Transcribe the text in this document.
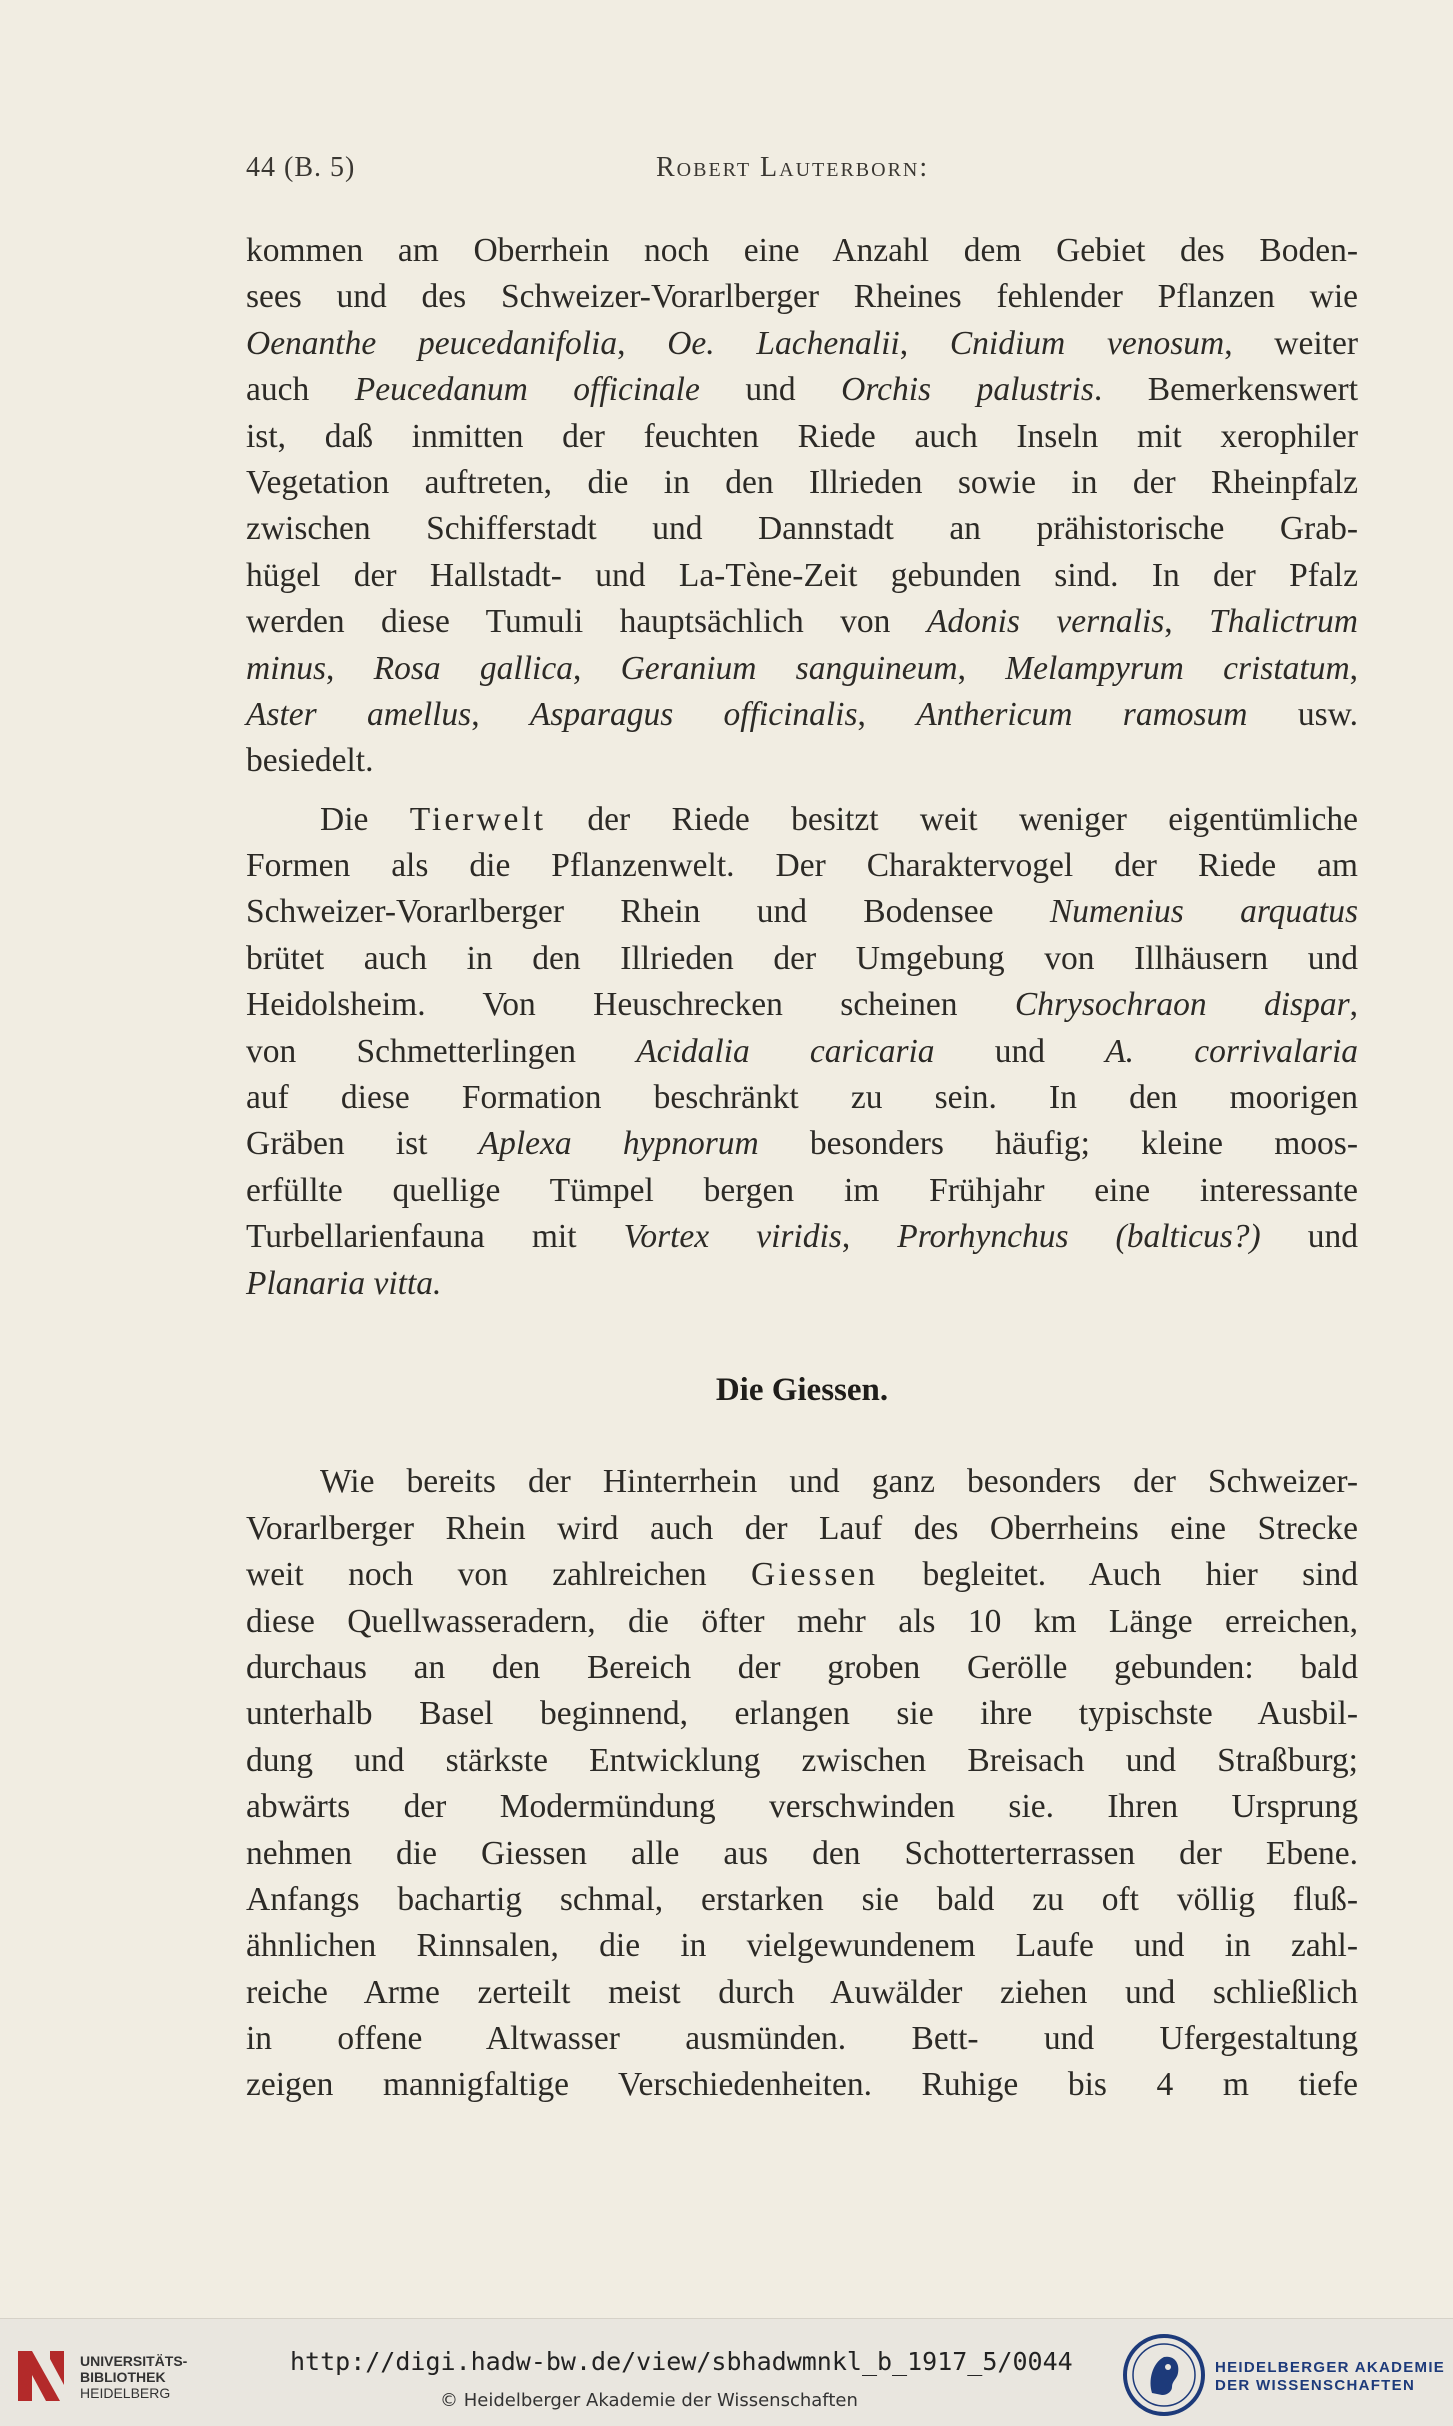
44 (B. 5)	Robert Lauterborn:
kommen am Oberrhein noch eine Anzahl dem Gebiet des Boden-
sees und des Schweizer-Vorarlberger Rheines fehlender Pflanzen wie
Oenanthe peucedanifolia, Oe. Lachenalii, Cnidium venosum, weiter
auch Peucedanum officinale und Orchis palustris. Bemerkenswert
ist, daß inmitten der feuchten Riede auch Inseln mit xerophiler
Vegetation auftreten, die in den Illrieden sowie in der Rheinpfalz
zwischen Schifferstadt und Dannstadt an prähistorische Grab-
hügel der Hallstadt- und La-Tène-Zeit gebunden sind. In der Pfalz
werden diese Tumuli hauptsächlich von Adonis vernalis, Thalictrum
minus, Rosa gallica, Geranium sanguineum, Melampyrum cristatum,
Aster amellus, Asparagus officinalis, Anthericum ramosum usw.
besiedelt.
Die Tierwelt der Riede besitzt weit weniger eigentümliche
Formen als die Pflanzenwelt. Der Charaktervogel der Riede am
Schweizer-Vorarlberger Rhein und Bodensee Numenius arquatus
brütet auch in den Illrieden der Umgebung von Illhäusern und
Heidolsheim. Von Heuschrecken scheinen Chrysochraon dispar,
von Schmetterlingen Acidalia caricaria und A. corrivalaria
auf diese Formation beschränkt zu sein. In den moorigen
Gräben ist Aplexa hypnorum besonders häufig; kleine moos-
erfüllte quellige Tümpel bergen im Frühjahr eine interessante
Turbellarienfauna mit Vortex viridis, Prorhynchus (balticus?) und
Planaria vitta.
Die Giessen.
Wie bereits der Hinterrhein und ganz besonders der Schweizer-
Vorarlberger Rhein wird auch der Lauf des Oberrheins eine Strecke
weit noch von zahlreichen Giessen begleitet. Auch hier sind
diese Quellwasseradern, die öfter mehr als 10 km Länge erreichen,
durchaus an den Bereich der groben Gerölle gebunden: bald
unterhalb Basel beginnend, erlangen sie ihre typischste Ausbil-
dung und stärkste Entwicklung zwischen Breisach und Straßburg;
abwärts der Modermündung verschwinden sie. Ihren Ursprung
nehmen die Giessen alle aus den Schotterterrassen der Ebene.
Anfangs bachartig schmal, erstarken sie bald zu oft völlig fluß-
ähnlichen Rinnsalen, die in vielgewundenem Laufe und in zahl-
reiche Arme zerteilt meist durch Auwälder ziehen und schließlich
in offene Altwasser ausmünden. Bett- und Ufergestaltung
zeigen mannigfaltige Verschiedenheiten. Ruhige bis 4 m tiefe
UNIVERSITÄTS-
BIBLIOTHEK
HEIDELBERG
http://digi.hadw-bw.de/view/sbhadwmnkl_b_1917_5/0044
© Heidelberger Akademie der Wissenschaften
HEIDELBERGER AKADEMIE
DER WISSENSCHAFTEN
